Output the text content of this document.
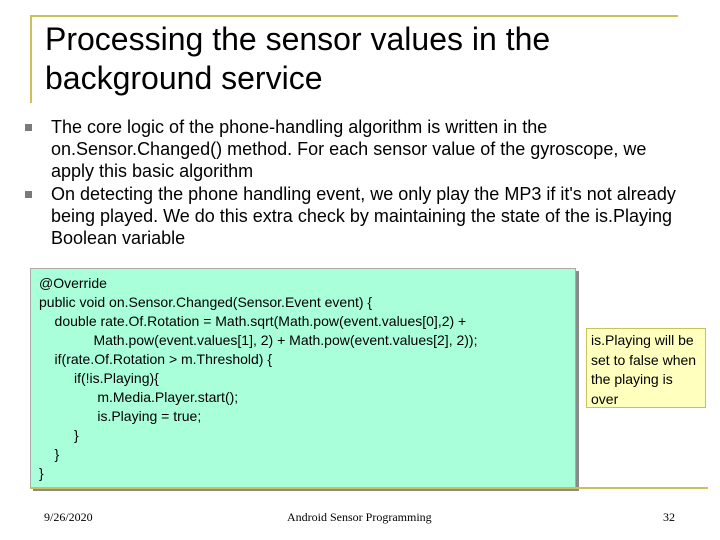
Processing the sensor values in the background service
The core logic of the phone-handling algorithm is written in the on.Sensor.Changed() method. For each sensor value of the gyroscope, we apply this basic algorithm
On detecting the phone handling event, we only play the MP3 if it's not already being played. We do this extra check by maintaining the state of the is.Playing Boolean variable
@Override
public void on.Sensor.Changed(Sensor.Event event) {
double rate.Of.Rotation = Math.sqrt(Math.pow(event.values[0],2) +
Math.pow(event.values[1], 2) + Math.pow(event.values[2], 2));
if(rate.Of.Rotation > m.Threshold) {
if(!is.Playing){
m.Media.Player.start();
is.Playing = true;
}
}
}
is.Playing will be set to false when the playing is over
9/26/2020	Android Sensor Programming	32
